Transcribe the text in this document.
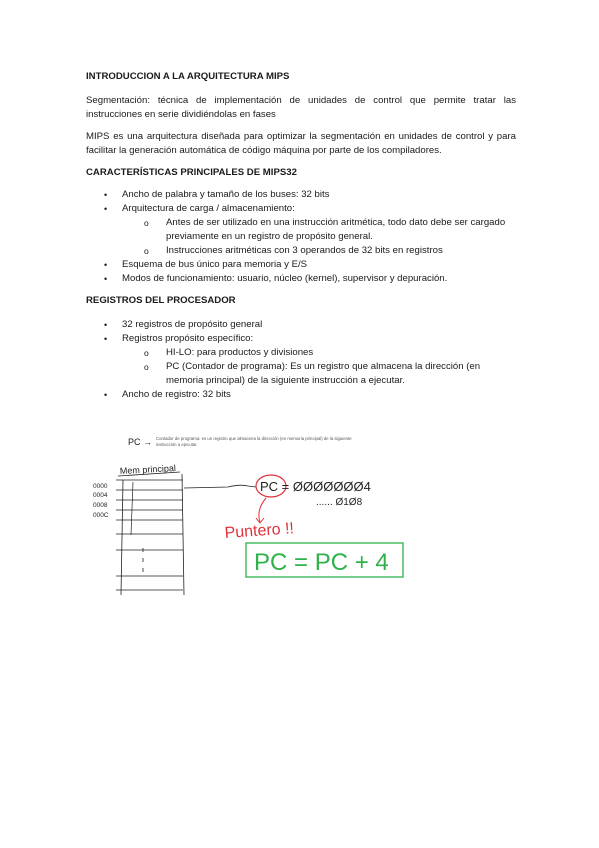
INTRODUCCION A LA ARQUITECTURA MIPS

Segmentación: técnica de implementación de unidades de control que permite tratar las instrucciones en serie dividiéndolas en fases

MIPS es una arquitectura diseñada para optimizar la segmentación en unidades de control y para facilitar la generación automática de código máquina por parte de los compiladores.

CARACTERÍSTICAS PRINCIPALES DE MIPS32

• Ancho de palabra y tamaño de los buses: 32 bits
• Arquitectura de carga / almacenamiento:
o Antes de ser utilizado en una instrucción aritmética, todo dato debe ser cargado previamente en un registro de propósito general.
o Instrucciones aritméticas con 3 operandos de 32 bits en registros
• Esquema de bus único para memoria y E/S
• Modos de funcionamiento: usuario, núcleo (kernel), supervisor y depuración.

REGISTROS DEL PROCESADOR

• 32 registros de propósito general
• Registros propósito específico:
o HI-LO: para productos y divisiones
o PC (Contador de programa): Es un registro que almacena la dirección (en memoria principal) de la siguiente instrucción a ejecutar.
• Ancho de registro: 32 bits
PC → Contador de programa: es un registro que almacena la dirección (en memoria principal) de la siguiente instrucción a ejecutar.
Mem principal
0000
0004
0008
000C
PC = ØØØØØØØ4
...... Ø1Ø8
Puntero !!
PC = PC + 4
